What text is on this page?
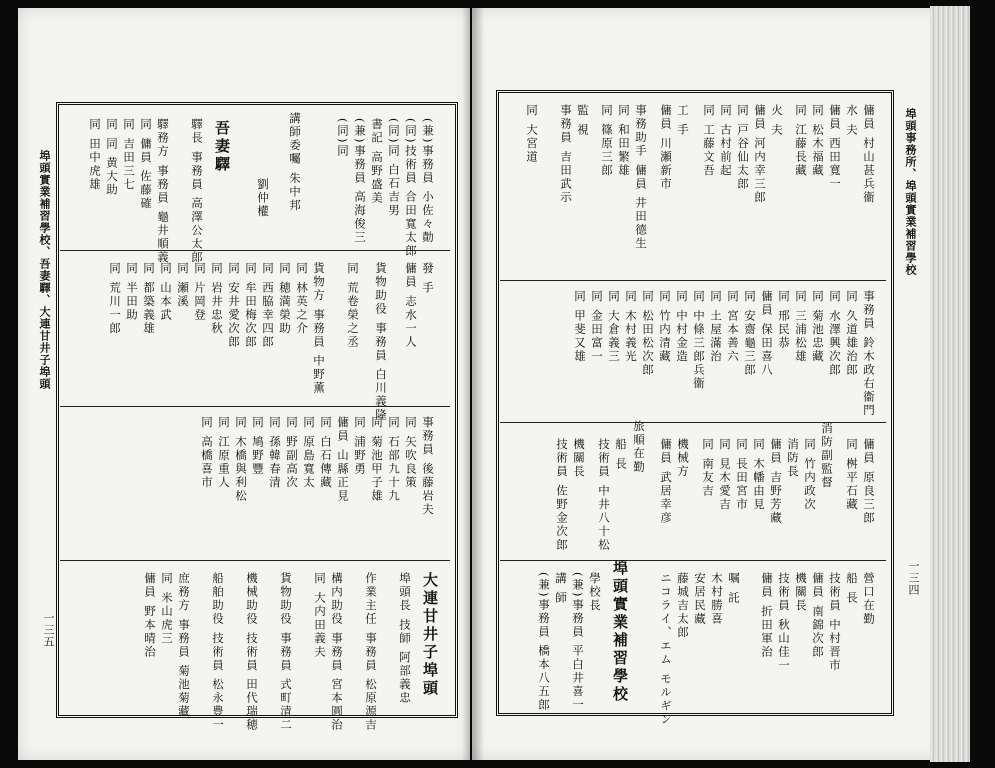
埠頭實業補習學校、吾妻驛、大連甘井子埠頭
一三五
埠頭事務所、埠頭實業補習學校
一三四
(兼)事務員 小佐々勣
(同)技術員 合田寬太郎
(同)同 白石吉男
書記 高野盛美
(兼)事務員 高海俊三
(同)同
講師委囑 朱中邦
劉仲權
吾妻驛
驛長 事務員 高澤公太郎
驛務方 事務員 龜井順義
同 傭員 佐藤確
同 吉田三七
同 同 黄大助
同 田中虎雄
發 手
傭員 志水一人
貨物助役 事務員 白川義隆
同 荒卷榮之丞
貨物方 事務員 中野薫
同 林英之介
同 穂満榮助
同 西脇幸四郎
同 牟田梅次郎
同 安井愛次郎
同 岩井忠秋
同 片岡登
同 瀬溪
同 山本武
同 都築義雄
同 半田助
同 荒川一郎
事務員 後藤岩夫
同 矢吹良策
同 石部九十九
同 菊池甲子雄
同 浦野勇
傭員 山縣正見
同 白石傳藏
同 原島寬太
同 野副高次
同 孫韓春清
同 鳩野豐
同 木橋與利松
同 江原重人
同 高橋喜市
大連甘井子埠頭
埠頭長 技師 阿部義忠
作業主任 事務員 松原源吉
構内助役 事務員 宮本圓治
同 大内田義夫
貨物助役 事務員 式町清二
機械助役 技術員 田代瑞穂
船舶助役 技術員 松永豊一
庶務方 事務員 菊池菊藏
同 米山虎三
傭員 野本晴治
傭員 村山甚兵衞
水 夫
傭員 西田寬一
同 松木福藏
同 江藤長藏
火 夫
傭員 河内幸三郎
同 戸谷仙太郎
同 古村前起
同 工藤文吾
工 手
傭員 川瀬新市
事務助手 傭員 井田德生
同 和田繁雄
同 篠原三郎
監 視
事務員 吉田武示
同 大宮道
事務員 鈴木政右衞門
同 久道雄治郎
同 水澤興次郎
同 菊池忠藏
同 三浦松雄
同 邢民恭
傭員 保田喜八
同 安齋龜三郎
同 宮本善六
同 土屋滿治
同 中條三郎兵衞
同 中村金造
同 竹内清藏
同 松田松次郎
同 木村義光
同 大倉義三
同 金田富一
同 甲斐又雄
傭員 原良三郎
同 桝平石藏
消防副監督
同 竹内政次
消防長
傭員 吉野芳藏
同 木幡由見
同 長田宮市
同 見木愛吉
同 南友吉
機械方
傭員 武居幸彦
旅順在勤
船 長
技術員 中井八十松
機關長
技術員 佐野金次郎
營口在勤
船 長
技術員 中村晋市
傭員 南錦次郎
機關長
技術員 秋山佳一
傭員 折田軍治
嘱 託
木村勝喜
安居民藏
藤城吉太郎
ニコライ、エム モルギン
埠頭實業補習學校
學校長
(兼)事務員 平白井喜一
講 師
(兼)事務員 橋本八五郎
